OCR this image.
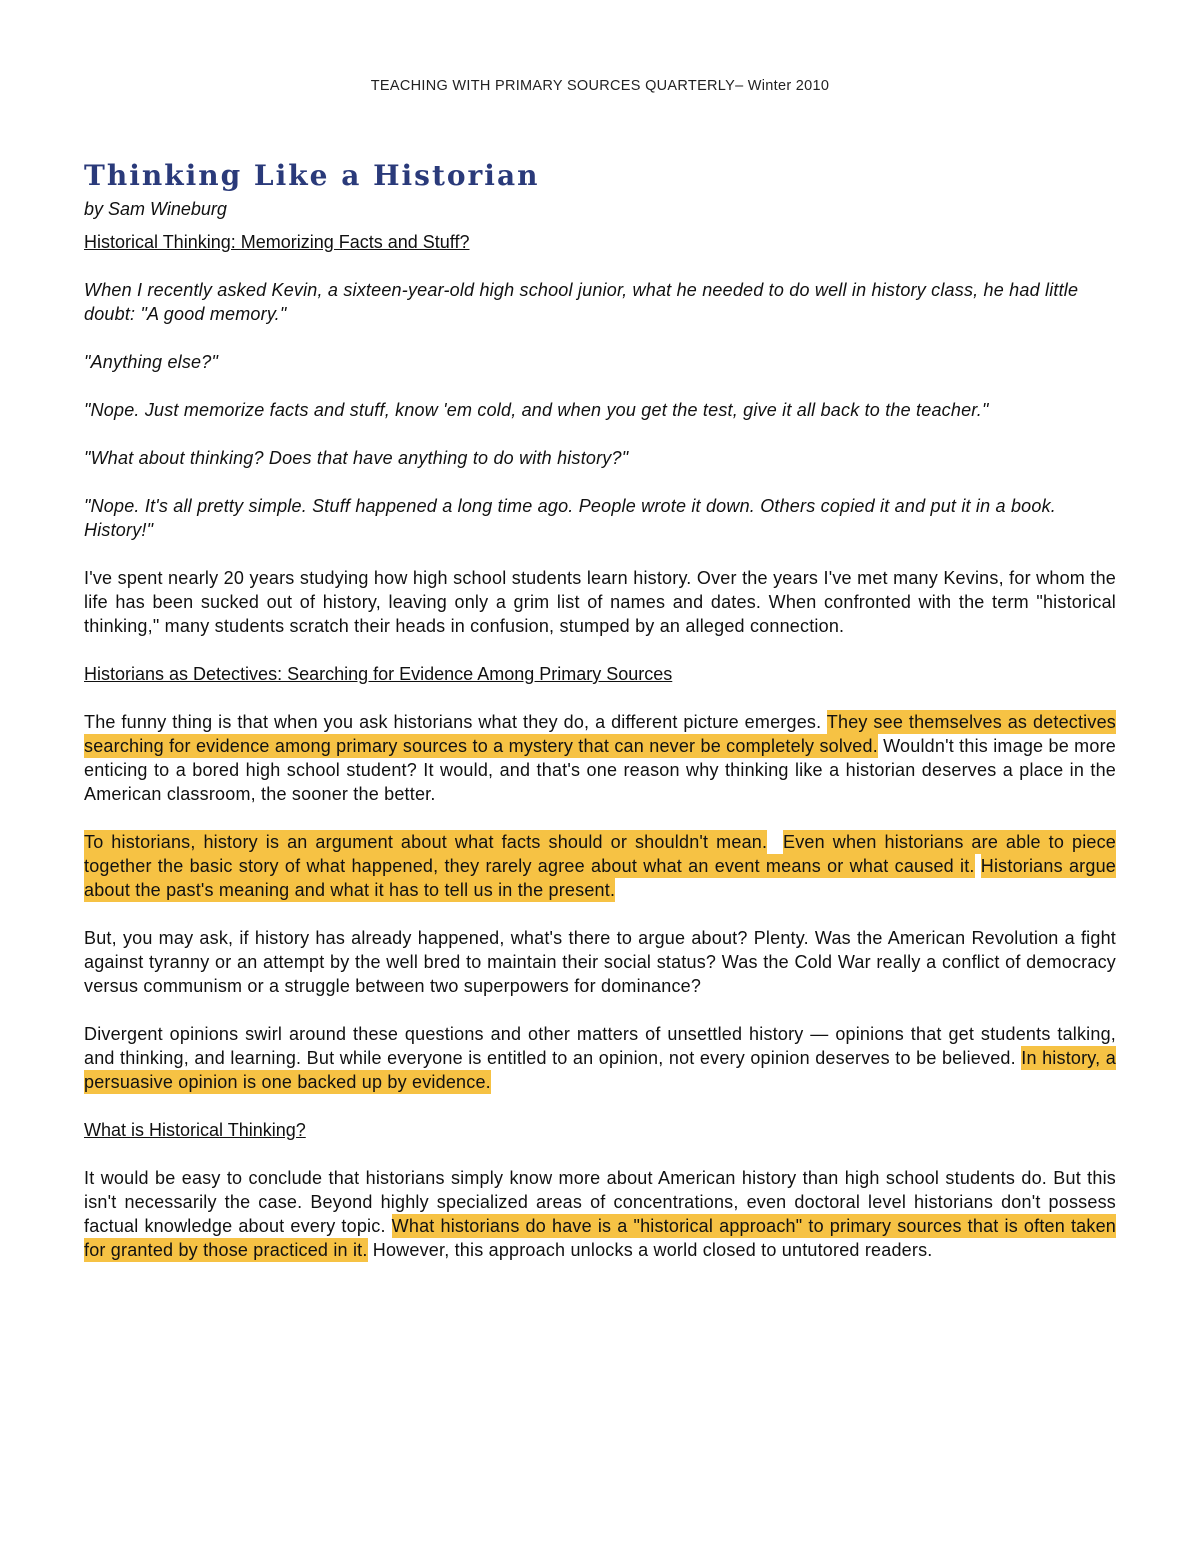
TEACHING WITH PRIMARY SOURCES QUARTERLY– Winter 2010
Thinking Like a Historian

by Sam Wineburg

Historical Thinking: Memorizing Facts and Stuff?

When I recently asked Kevin, a sixteen-year-old high school junior, what he needed to do well in history class, he had little doubt: "A good memory."

"Anything else?"

"Nope. Just memorize facts and stuff, know 'em cold, and when you get the test, give it all back to the teacher."

"What about thinking? Does that have anything to do with history?"

"Nope. It's all pretty simple. Stuff happened a long time ago. People wrote it down. Others copied it and put it in a book. History!"

I've spent nearly 20 years studying how high school students learn history. Over the years I've met many Kevins, for whom the life has been sucked out of history, leaving only a grim list of names and dates. When confronted with the term "historical thinking," many students scratch their heads in confusion, stumped by an alleged connection.

Historians as Detectives: Searching for Evidence Among Primary Sources

The funny thing is that when you ask historians what they do, a different picture emerges. They see themselves as detectives searching for evidence among primary sources to a mystery that can never be completely solved. Wouldn't this image be more enticing to a bored high school student? It would, and that's one reason why thinking like a historian deserves a place in the American classroom, the sooner the better.

To historians, history is an argument about what facts should or shouldn't mean. Even when historians are able to piece together the basic story of what happened, they rarely agree about what an event means or what caused it. Historians argue about the past's meaning and what it has to tell us in the present.

But, you may ask, if history has already happened, what's there to argue about? Plenty. Was the American Revolution a fight against tyranny or an attempt by the well bred to maintain their social status? Was the Cold War really a conflict of democracy versus communism or a struggle between two superpowers for dominance?

Divergent opinions swirl around these questions and other matters of unsettled history — opinions that get students talking, and thinking, and learning. But while everyone is entitled to an opinion, not every opinion deserves to be believed. In history, a persuasive opinion is one backed up by evidence.

What is Historical Thinking?

It would be easy to conclude that historians simply know more about American history than high school students do. But this isn't necessarily the case. Beyond highly specialized areas of concentrations, even doctoral level historians don't possess factual knowledge about every topic. What historians do have is a "historical approach" to primary sources that is often taken for granted by those practiced in it. However, this approach unlocks a world closed to untutored readers.
